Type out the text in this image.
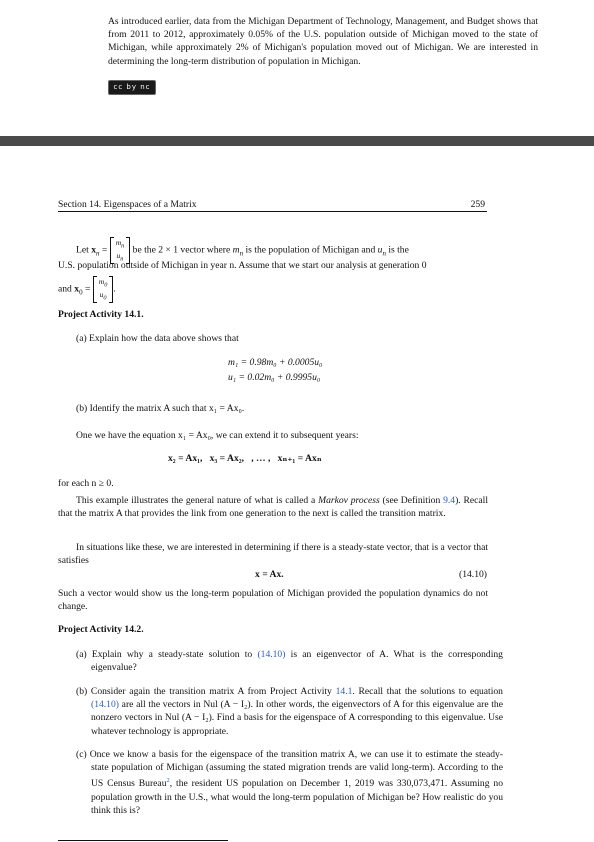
As introduced earlier, data from the Michigan Department of Technology, Management, and Budget shows that from 2011 to 2012, approximately 0.05% of the U.S. population outside of Michigan moved to the state of Michigan, while approximately 2% of Michigan's population moved out of Michigan. We are interested in determining the long-term distribution of population in Michigan.
cc by nc sa
Section 14. Eigenspaces of a Matrix	259
Let $x_n$ =
$m_n$
$u_n$
be the 2 × 1 vector where $m_n$ is the population of Michigan and $u_n$ is the
U.S. population outside of Michigan in year n. Assume that we start our analysis at generation 0
and $x_0$ =
$m_0$
$u_0$
.
Project Activity 14.1.
(a) Explain how the data above shows that
m₁ = 0.98m₀ + 0.0005u₀
u₁ = 0.02m₀ + 0.9995u₀
(b) Identify the matrix A such that x₁ = Ax₀.
One we have the equation x₁ = Ax₀, we can extend it to subsequent years:
x₂ = Ax₁,   x₃ = Ax₂,   , … ,   xₙ₊₁ = Axₙ
for each n ≥ 0.
This example illustrates the general nature of what is called a Markov process (see Definition 9.4). Recall that the matrix A that provides the link from one generation to the next is called the transition matrix.
In situations like these, we are interested in determining if there is a steady-state vector, that is a vector that satisfies
x = Ax.	(14.10)
Such a vector would show us the long-term population of Michigan provided the population dynamics do not change.
Project Activity 14.2.
(a) Explain why a steady-state solution to (14.10) is an eigenvector of A. What is the corresponding eigenvalue?
(b) Consider again the transition matrix A from Project Activity 14.1. Recall that the solutions to equation (14.10) are all the vectors in Nul (A − I₂). In other words, the eigenvectors of A for this eigenvalue are the nonzero vectors in Nul (A − I₂). Find a basis for the eigenspace of A corresponding to this eigenvalue. Use whatever technology is appropriate.
(c) Once we know a basis for the eigenspace of the transition matrix A, we can use it to estimate the steady-state population of Michigan (assuming the stated migration trends are valid long-term). According to the US Census Bureau$^2$, the resident US population on December 1, 2019 was 330,073,471. Assuming no population growth in the U.S., what would the long-term population of Michigan be? How realistic do you think this is?
